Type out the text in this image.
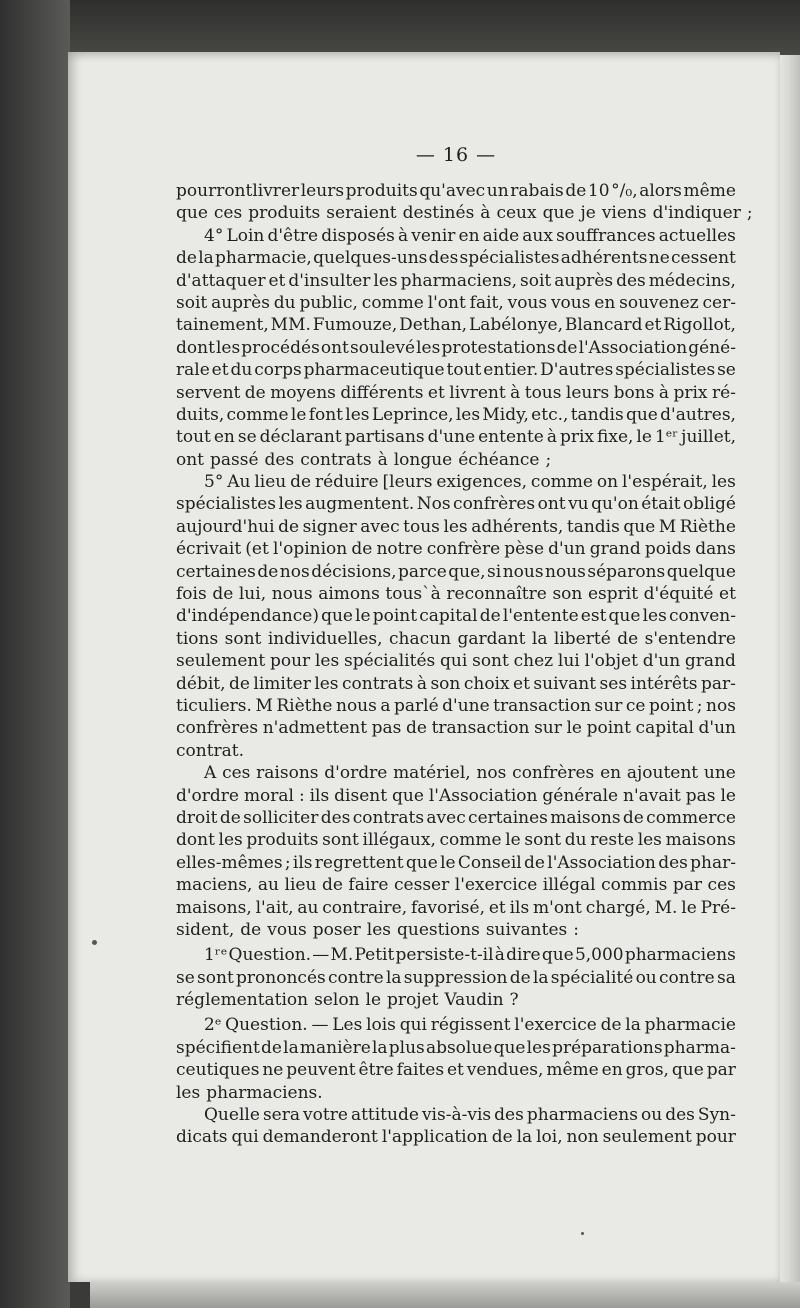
— 16 —
pourrontlivrer leurs produits qu'avec un rabais de 10 °/₀, alors même
que ces produits seraient destinés à ceux que je viens d'indiquer ;
4° Loin d'être disposés à venir en aide aux souffrances actuelles
de la pharmacie, quelques-uns des spécialistes adhérents ne cessent
d'attaquer et d'insulter les pharmaciens, soit auprès des médecins,
soit auprès du public, comme l'ont fait, vous vous en souvenez cer-
tainement, MM. Fumouze, Dethan, Labélonye, Blancard et Rigollot,
dont les procédés ont soulevé les protestations de l'Association géné-
rale et du corps pharmaceutique tout entier. D'autres spécialistes se
servent de moyens différents et livrent à tous leurs bons à prix ré-
duits, comme le font les Leprince, les Midy, etc., tandis que d'autres,
tout en se déclarant partisans d'une entente à prix fixe, le 1ᵉʳ juillet,
ont passé des contrats à longue échéance ;
5° Au lieu de réduire [leurs exigences, comme on l'espérait, les
spécialistes les augmentent. Nos confrères ont vu qu'on était obligé
aujourd'hui de signer avec tous les adhérents, tandis que M Rièthe
écrivait (et l'opinion de notre confrère pèse d'un grand poids dans
certaines de nos décisions, parce que, si nous nous séparons quelque
fois de lui, nous aimons tous`à reconnaître son esprit d'équité et
d'indépendance) que le point capital de l'entente est que les conven-
tions sont individuelles, chacun gardant la liberté de s'entendre
seulement pour les spécialités qui sont chez lui l'objet d'un grand
débit, de limiter les contrats à son choix et suivant ses intérêts par-
ticuliers. M Rièthe nous a parlé d'une transaction sur ce point ; nos
confrères n'admettent pas de transaction sur le point capital d'un
contrat.
A ces raisons d'ordre matériel, nos confrères en ajoutent une
d'ordre moral : ils disent que l'Association générale n'avait pas le
droit de solliciter des contrats avec certaines maisons de commerce
dont les produits sont illégaux, comme le sont du reste les maisons
elles-mêmes ; ils regrettent que le Conseil de l'Association des phar-
maciens, au lieu de faire cesser l'exercice illégal commis par ces
maisons, l'ait, au contraire, favorisé, et ils m'ont chargé, M. le Pré-
sident, de vous poser les questions suivantes :
1ʳᵉ Question. — M. Petit persiste-t-il à dire que 5,000 pharmaciens
se sont prononcés contre la suppression de la spécialité ou contre sa
réglementation selon le projet Vaudin ?
2ᵉ Question. — Les lois qui régissent l'exercice de la pharmacie
spécifient de la manière la plus absolue que les préparations pharma-
ceutiques ne peuvent être faites et vendues, même en gros, que par
les pharmaciens.
Quelle sera votre attitude vis-à-vis des pharmaciens ou des Syn-
dicats qui demanderont l'application de la loi, non seulement pour
